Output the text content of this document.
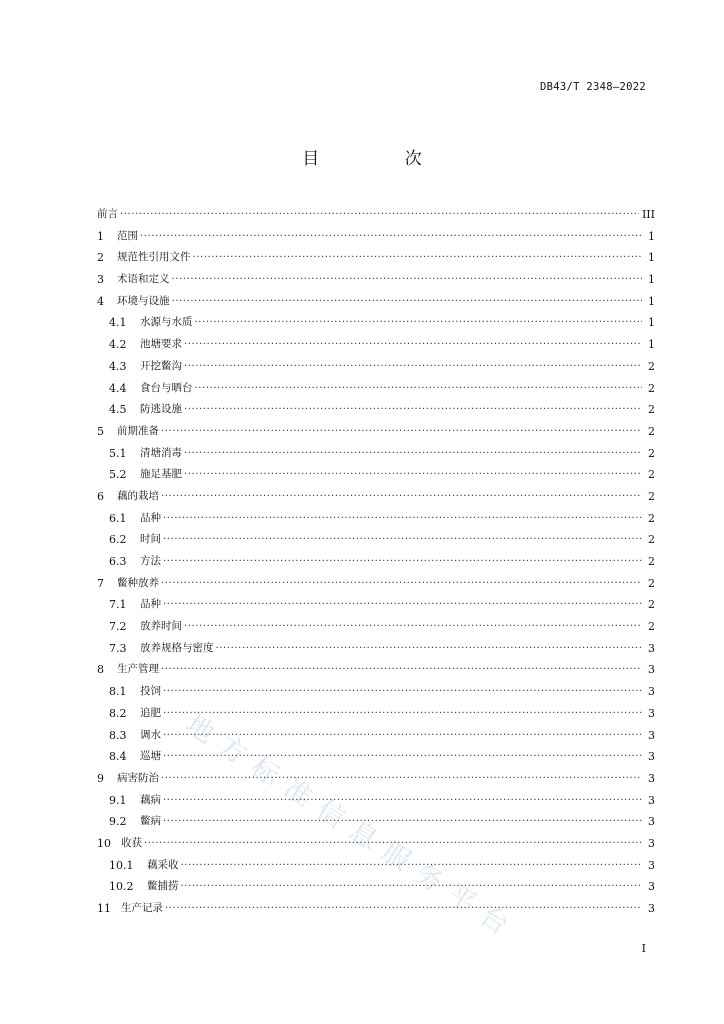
DB43/T 2348—2022
目 次
地方标准信息服务平台
前言 ·····	III
1	范围 ·····	1
2	规范性引用文件 ·····	1
3	术语和定义 ·····	1
4	环境与设施 ·····	1
4.1	水源与水质 ·····	1
4.2	池塘要求 ·····	1
4.3	开挖鳖沟 ·····	2
4.4	食台与晒台 ·····	2
4.5	防逃设施 ·····	2
5	前期准备 ·····	2
5.1	清塘消毒 ·····	2
5.2	施足基肥 ·····	2
6	藕的栽培 ·····	2
6.1	品种 ·····	2
6.2	时间 ·····	2
6.3	方法 ·····	2
7	鳖种放养 ·····	2
7.1	品种 ·····	2
7.2	放养时间 ·····	2
7.3	放养规格与密度 ·····	3
8	生产管理 ·····	3
8.1	投饲 ·····	3
8.2	追肥 ·····	3
8.3	调水 ·····	3
8.4	巡塘 ·····	3
9	病害防治 ·····	3
9.1	藕病 ·····	3
9.2	鳖病 ·····	3
10 收获 ·····	3
10.1	藕采收 ·····	3
10.2	鳖捕捞 ·····	3
11 生产记录 ·····	3
I
